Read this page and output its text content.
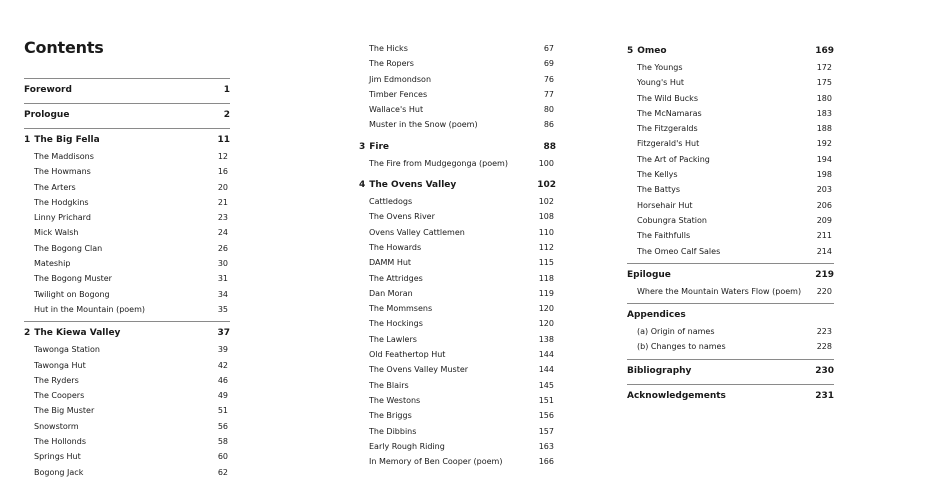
Contents
Foreword	1
Prologue	2
1 The Big Fella	11
The Maddisons	12
The Howmans	16
The Arters	20
The Hodgkins	21
Linny Prichard	23
Mick Walsh	24
The Bogong Clan	26
Mateship	30
The Bogong Muster	31
Twilight on Bogong	34
Hut in the Mountain (poem)	35
2 The Kiewa Valley	37
Tawonga Station	39
Tawonga Hut	42
The Ryders	46
The Coopers	49
The Big Muster	51
Snowstorm	56
The Hollonds	58
Springs Hut	60
Bogong Jack	62
The Hicks	67
The Ropers	69
Jim Edmondson	76
Timber Fences	77
Wallace's Hut	80
Muster in the Snow (poem)	86
3 Fire	88
The Fire from Mudgegonga (poem)	100
4 The Ovens Valley	102
Cattledogs	102
The Ovens River	108
Ovens Valley Cattlemen	110
The Howards	112
DAMM Hut	115
The Attridges	118
Dan Moran	119
The Mommsens	120
The Hockings	120
The Lawlers	138
Old Feathertop Hut	144
The Ovens Valley Muster	144
The Blairs	145
The Westons	151
The Briggs	156
The Dibbins	157
Early Rough Riding	163
In Memory of Ben Cooper (poem)	166
5 Omeo	169
The Youngs	172
Young's Hut	175
The Wild Bucks	180
The McNamaras	183
The Fitzgeralds	188
Fitzgerald's Hut	192
The Art of Packing	194
The Kellys	198
The Battys	203
Horsehair Hut	206
Cobungra Station	209
The Faithfulls	211
The Omeo Calf Sales	214
Epilogue	219
Where the Mountain Waters Flow (poem) 220
Appendices
(a) Origin of names	223
(b) Changes to names	228
Bibliography	230
Acknowledgements	231
